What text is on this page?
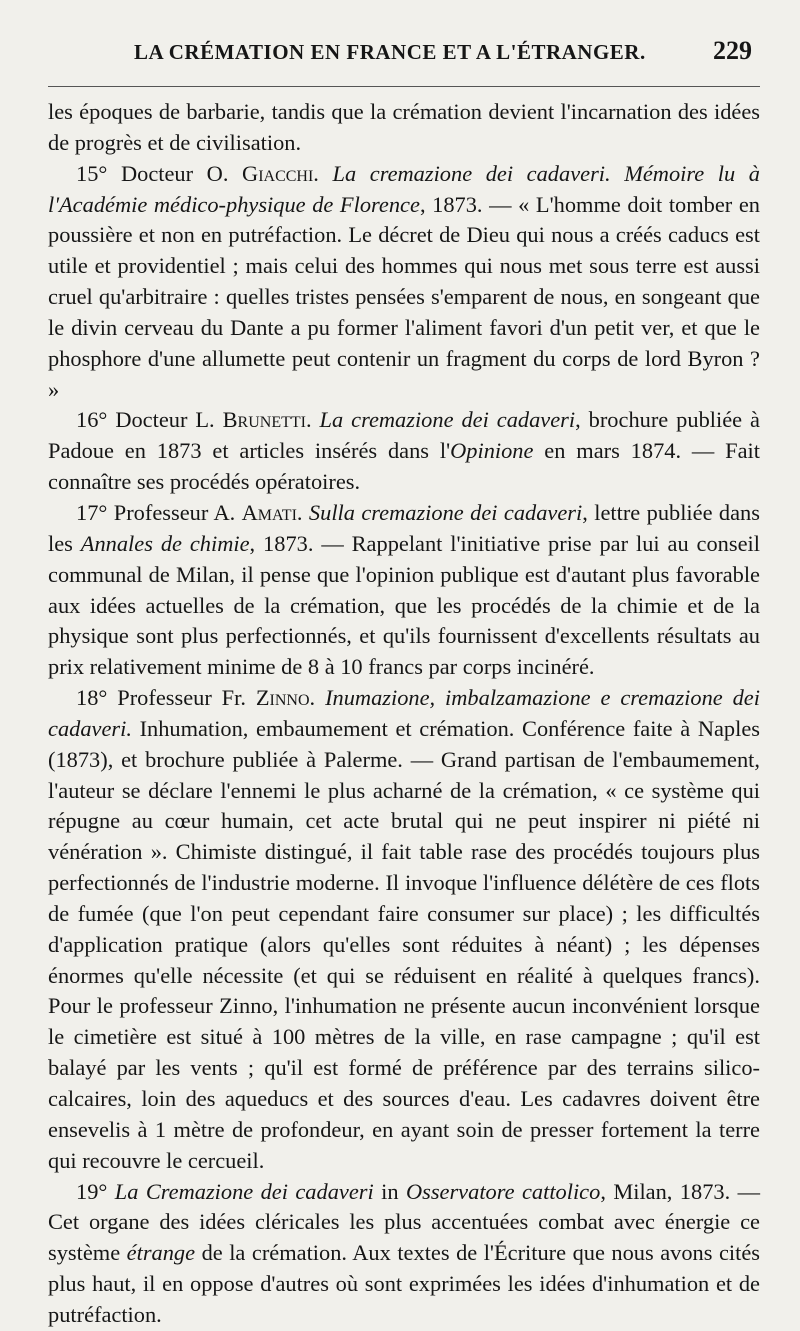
LA CRÉMATION EN FRANCE ET A L'ÉTRANGER.	229

les époques de barbarie, tandis que la crémation devient l'incarnation des idées de progrès et de civilisation.

15° Docteur O. Giacchi. La cremazione dei cadaveri. Mémoire lu à l'Académie médico-physique de Florence, 1873. — « L'homme doit tomber en poussière et non en putréfaction. Le décret de Dieu qui nous a créés caducs est utile et providentiel ; mais celui des hommes qui nous met sous terre est aussi cruel qu'arbitraire : quelles tristes pensées s'emparent de nous, en songeant que le divin cerveau du Dante a pu former l'aliment favori d'un petit ver, et que le phosphore d'une allumette peut contenir un fragment du corps de lord Byron ? »

16° Docteur L. Brunetti. La cremazione dei cadaveri, brochure publiée à Padoue en 1873 et articles insérés dans l'Opinione en mars 1874. — Fait connaître ses procédés opératoires.

17° Professeur A. Amati. Sulla cremazione dei cadaveri, lettre publiée dans les Annales de chimie, 1873. — Rappelant l'initiative prise par lui au conseil communal de Milan, il pense que l'opinion publique est d'autant plus favorable aux idées actuelles de la crémation, que les procédés de la chimie et de la physique sont plus perfectionnés, et qu'ils fournissent d'excellents résultats au prix relativement minime de 8 à 10 francs par corps incinéré.

18° Professeur Fr. Zinno. Inumazione, imbalzamazione e cremazione dei cadaveri. Inhumation, embaumement et crémation. Conférence faite à Naples (1873), et brochure publiée à Palerme. — Grand partisan de l'embaumement, l'auteur se déclare l'ennemi le plus acharné de la crémation, « ce système qui répugne au cœur humain, cet acte brutal qui ne peut inspirer ni piété ni vénération ». Chimiste distingué, il fait table rase des procédés toujours plus perfectionnés de l'industrie moderne. Il invoque l'influence délétère de ces flots de fumée (que l'on peut cependant faire consumer sur place) ; les difficultés d'application pratique (alors qu'elles sont réduites à néant) ; les dépenses énormes qu'elle nécessite (et qui se réduisent en réalité à quelques francs). Pour le professeur Zinno, l'inhumation ne présente aucun inconvénient lorsque le cimetière est situé à 100 mètres de la ville, en rase campagne ; qu'il est balayé par les vents ; qu'il est formé de préférence par des terrains silico-calcaires, loin des aqueducs et des sources d'eau. Les cadavres doivent être ensevelis à 1 mètre de profondeur, en ayant soin de presser fortement la terre qui recouvre le cercueil.

19° La Cremazione dei cadaveri in Osservatore cattolico, Milan, 1873. — Cet organe des idées cléricales les plus accentuées combat avec énergie ce système étrange de la crémation. Aux textes de l'Écriture que nous avons cités plus haut, il en oppose d'autres où sont exprimées les idées d'inhumation et de putréfaction.
